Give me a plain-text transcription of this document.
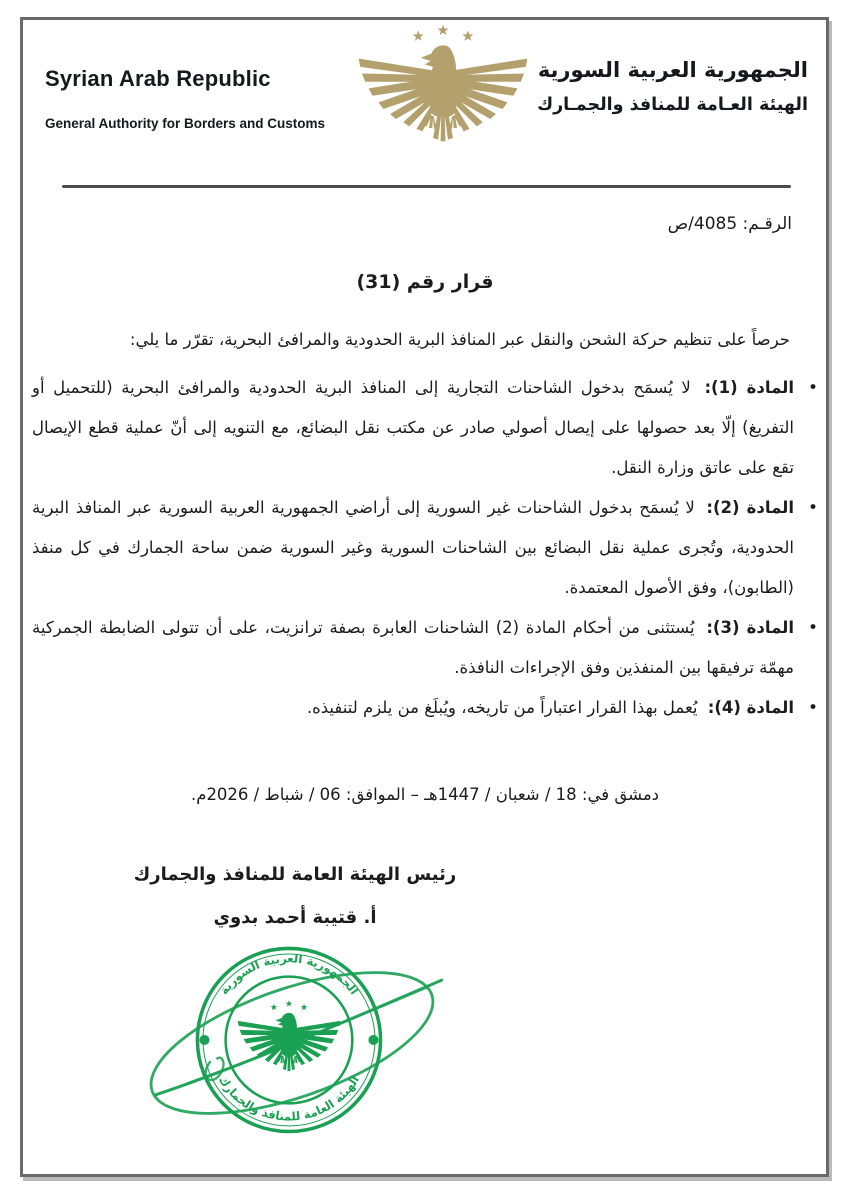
Syrian Arab Republic
General Authority for Borders and Customs
الجمهورية العربية السورية
الهيئة العـامة للمنافذ والجمـارك
الرقـم: 4085/ص
قرار رقم (31)
حرصاً على تنظيم حركة الشحن والنقل عبر المنافذ البرية الحدودية والمرافئ البحرية، تقرّر ما يلي:
•
المادة (1): لا يُسمَح بدخول الشاحنات التجارية إلى المنافذ البرية الحدودية والمرافئ البحرية (للتحميل أو التفريغ) إلّا بعد حصولها على إيصال أصولي صادر عن مكتب نقل البضائع، مع التنويه إلى أنّ عملية قطع الإيصال تقع على عاتق وزارة النقل.
•
المادة (2): لا يُسمَح بدخول الشاحنات غير السورية إلى أراضي الجمهورية العربية السورية عبر المنافذ البرية الحدودية، وتُجرى عملية نقل البضائع بين الشاحنات السورية وغير السورية ضمن ساحة الجمارك في كل منفذ (الطابون)، وفق الأصول المعتمدة.
•
المادة (3): يُستثنى من أحكام المادة (2) الشاحنات العابرة بصفة ترانزيت، على أن تتولى الضابطة الجمركية مهمّة ترفيقها بين المنفذين وفق الإجراءات النافذة.
•
المادة (4): يُعمل بهذا القرار اعتباراً من تاريخه، ويُبلَغ من يلزم لتنفيذه.
دمشق في: 18 / شعبان / 1447هـ – الموافق: 06 / شباط / 2026م.
رئيس الهيئة العامة للمنافذ والجمارك
أ. قتيبة أحمد بدوي
الجمهورية العربية السورية
الهيئة العامة للمنافذ والجمارك
